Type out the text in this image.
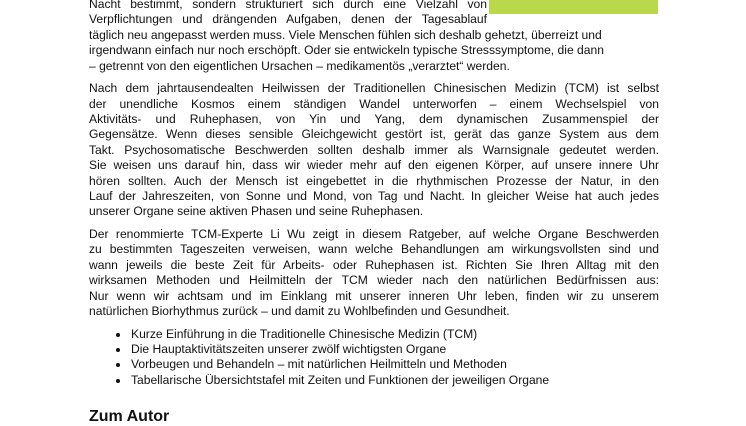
Nacht bestimmt, sondern strukturiert sich durch eine Vielzahl von
Verpflichtungen und drängenden Aufgaben, denen der Tagesablauf
täglich neu angepasst werden muss. Viele Menschen fühlen sich deshalb gehetzt, überreizt und
irgendwann einfach nur noch erschöpft. Oder sie entwickeln typische Stresssymptome, die dann
– getrennt von den eigentlichen Ursachen – medikamentös „verarztet“ werden.
Nach dem jahrtausendealten Heilwissen der Traditionellen Chinesischen Medizin (TCM) ist selbst
der unendliche Kosmos einem ständigen Wandel unterworfen – einem Wechselspiel von
Aktivitäts- und Ruhephasen, von Yin und Yang, dem dynamischen Zusammenspiel der
Gegensätze. Wenn dieses sensible Gleichgewicht gestört ist, gerät das ganze System aus dem
Takt. Psychosomatische Beschwerden sollten deshalb immer als Warnsignale gedeutet werden.
Sie weisen uns darauf hin, dass wir wieder mehr auf den eigenen Körper, auf unsere innere Uhr
hören sollten. Auch der Mensch ist eingebettet in die rhythmischen Prozesse der Natur, in den
Lauf der Jahreszeiten, von Sonne und Mond, von Tag und Nacht. In gleicher Weise hat auch jedes
unserer Organe seine aktiven Phasen und seine Ruhephasen.
Der renommierte TCM-Experte Li Wu zeigt in diesem Ratgeber, auf welche Organe Beschwerden
zu bestimmten Tageszeiten verweisen, wann welche Behandlungen am wirkungsvollsten sind und
wann jeweils die beste Zeit für Arbeits- oder Ruhephasen ist. Richten Sie Ihren Alltag mit den
wirksamen Methoden und Heilmitteln der TCM wieder nach den natürlichen Bedürfnissen aus:
Nur wenn wir achtsam und im Einklang mit unserer inneren Uhr leben, finden wir zu unserem
natürlichen Biorhythmus zurück – und damit zu Wohlbefinden und Gesundheit.
Kurze Einführung in die Traditionelle Chinesische Medizin (TCM)
Die Hauptaktivitätszeiten unserer zwölf wichtigsten Organe
Vorbeugen und Behandeln – mit natürlichen Heilmitteln und Methoden
Tabellarische Übersichtstafel mit Zeiten und Funktionen der jeweiligen Organe
Zum Autor
